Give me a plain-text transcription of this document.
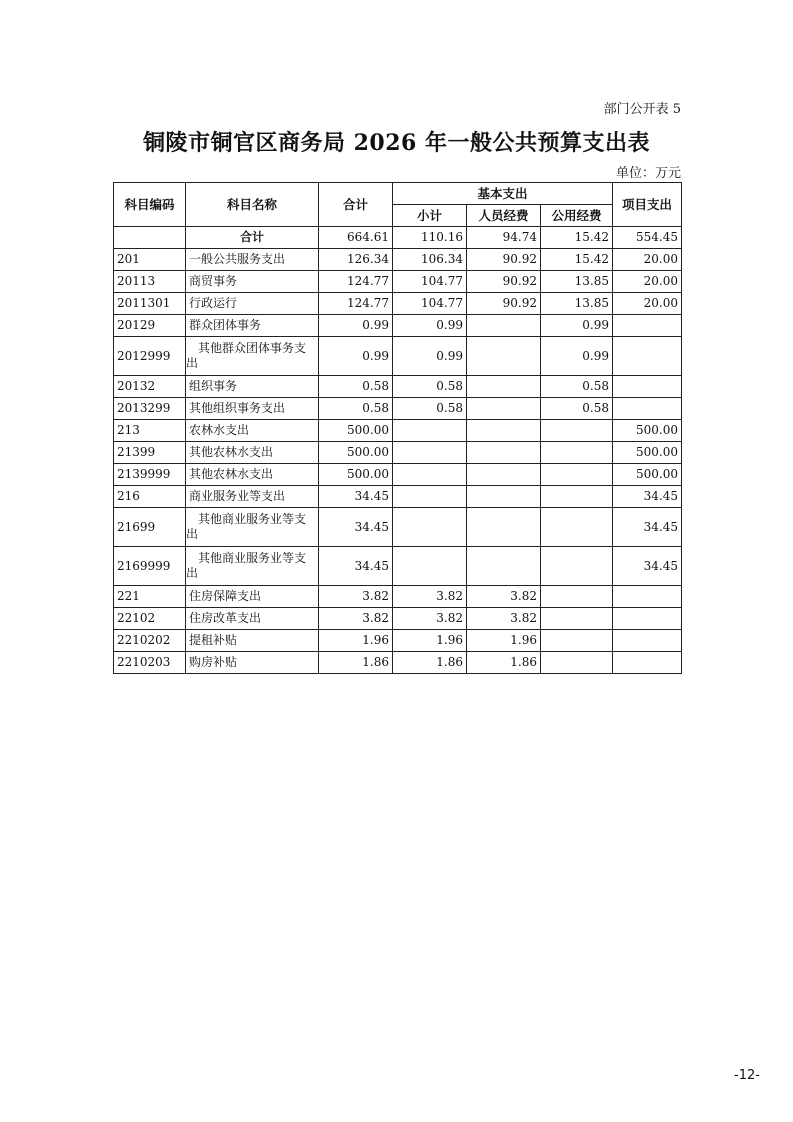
部门公开表 5
铜陵市铜官区商务局 2026 年一般公共预算支出表
单位：万元
科目编码	科目名称	合计	基本支出			项目支出
			小计	人员经费	公用经费	
	合计	664.61	110.16	94.74	15.42	554.45
201	一般公共服务支出	126.34	106.34	90.92	15.42	20.00
20113	商贸事务	124.77	104.77	90.92	13.85	20.00
2011301	行政运行	124.77	104.77	90.92	13.85	20.00
20129	群众团体事务	0.99	0.99		0.99	
2012999	其他群众团体事务支出	0.99	0.99		0.99	
20132	组织事务	0.58	0.58		0.58	
2013299	其他组织事务支出	0.58	0.58		0.58	
213	农林水支出	500.00				500.00
21399	其他农林水支出	500.00				500.00
2139999	其他农林水支出	500.00				500.00
216	商业服务业等支出	34.45				34.45
21699	其他商业服务业等支出	34.45				34.45
2169999	其他商业服务业等支出	34.45				34.45
221	住房保障支出	3.82	3.82	3.82		
22102	住房改革支出	3.82	3.82	3.82		
2210202	提租补贴	1.96	1.96	1.96		
2210203	购房补贴	1.86	1.86	1.86		
-12-
